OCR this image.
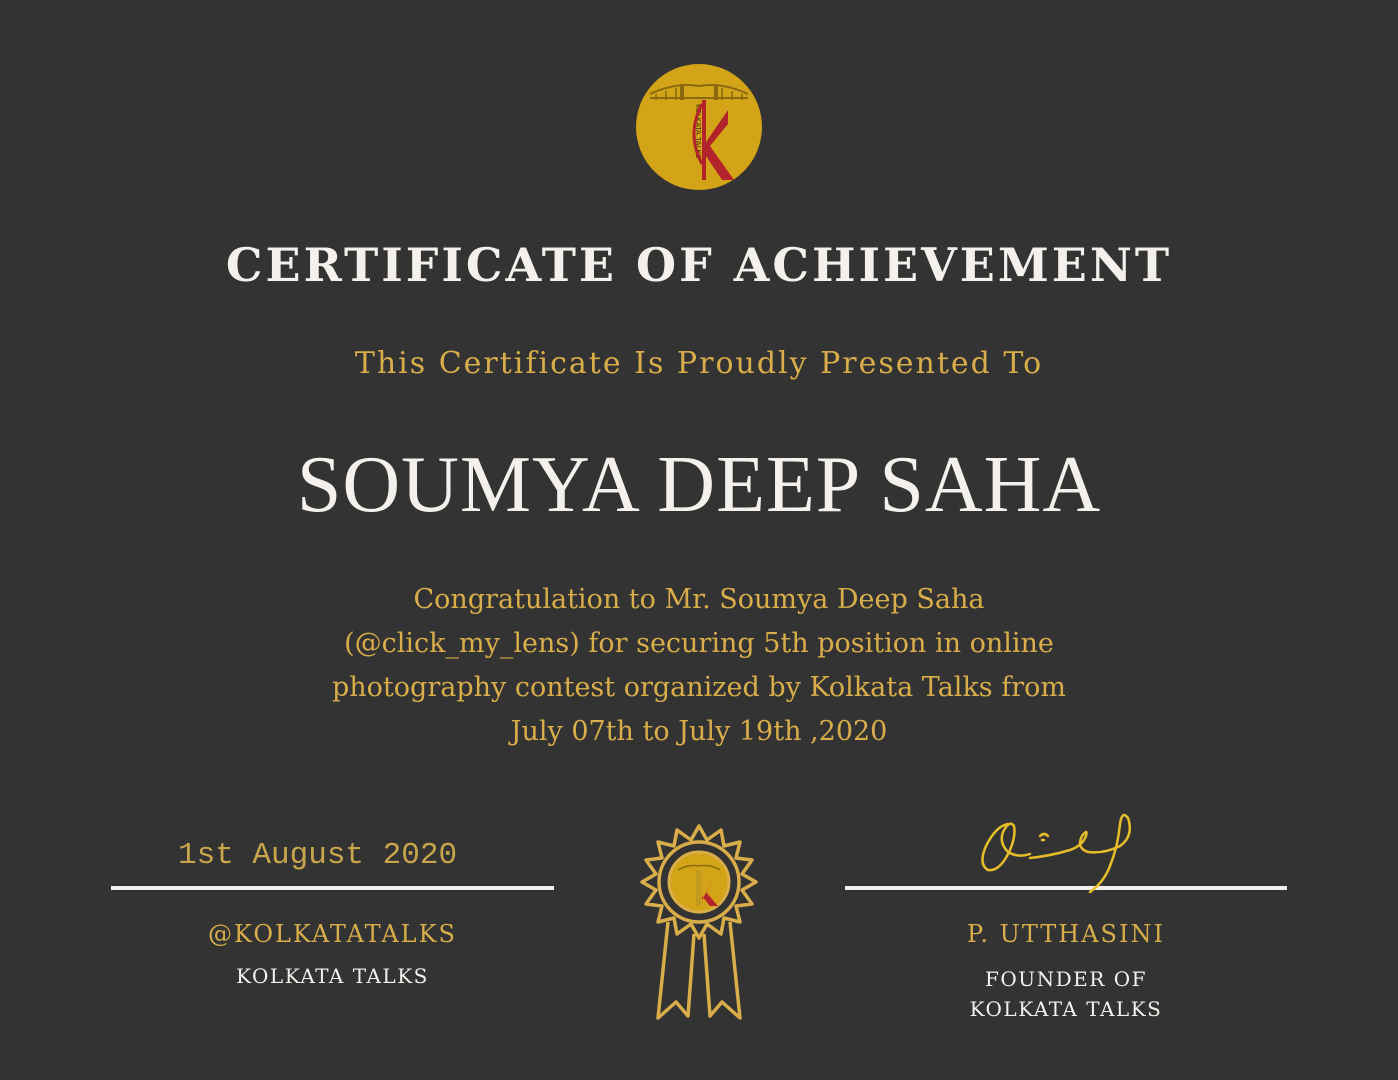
KOLKATA TALKS
CERTIFICATE OF ACHIEVEMENT
This Certificate Is Proudly Presented To
SOUMYA DEEP SAHA
Congratulation to Mr. Soumya Deep Saha (@click_my_lens) for securing 5th position in online photography contest organized by Kolkata Talks from July 07th to July 19th ,2020
1st August 2020
@KOLKATATALKS
KOLKATA TALKS
P. UTTHASINI
FOUNDER OF
KOLKATA TALKS
